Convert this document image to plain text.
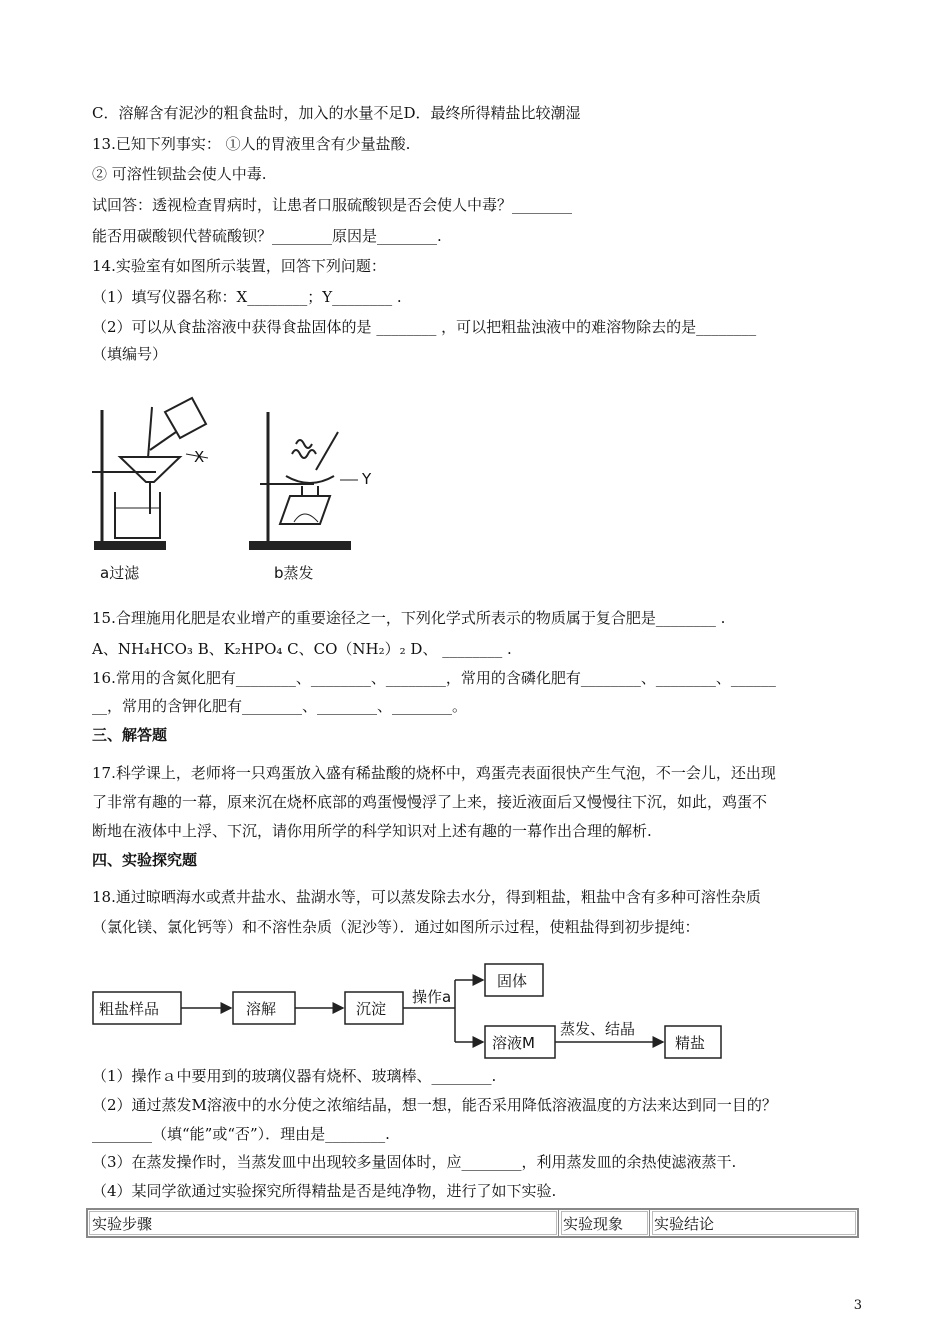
C．溶解含有泥沙的粗食盐时，加入的水量不足D．最终所得精盐比较潮湿
13.已知下列事实： ①人的胃液里含有少量盐酸.
② 可溶性钡盐会使人中毒.
试回答：透视检查胃病时，让患者口服硫酸钡是否会使人中毒？________
能否用碳酸钡代替硫酸钡？________原因是________.
14.实验室有如图所示装置，回答下列问题：
（1）填写仪器名称：X________；Y________ .
（2）可以从食盐溶液中获得食盐固体的是 ________ ，可以把粗盐浊液中的难溶物除去的是________
（填编号）
X
Y
a过滤	b蒸发
15.合理施用化肥是农业增产的重要途径之一，下列化学式所表示的物质属于复合肥是________ .
A、NH₄HCO₃ B、K₂HPO₄ C、CO（NH₂）₂ D、 ________ .
16.常用的含氮化肥有________、________、________，常用的含磷化肥有________、________、______
__，常用的含钾化肥有________、________、________。
三、解答题
17.科学课上，老师将一只鸡蛋放入盛有稀盐酸的烧杯中，鸡蛋壳表面很快产生气泡，不一会儿，还出现
了非常有趣的一幕，原来沉在烧杯底部的鸡蛋慢慢浮了上来，接近液面后又慢慢往下沉，如此，鸡蛋不
断地在液体中上浮、下沉，请你用所学的科学知识对上述有趣的一幕作出合理的解析.
四、实验探究题
18.通过晾晒海水或煮井盐水、盐湖水等，可以蒸发除去水分，得到粗盐，粗盐中含有多种可溶性杂质
（氯化镁、氯化钙等）和不溶性杂质（泥沙等）．通过如图所示过程，使粗盐得到初步提纯：
粗盐样品	溶解	沉淀
操作a
固体
溶液M
蒸发、结晶
精盐
（1）操作ａ中要用到的玻璃仪器有烧杯、玻璃棒、________.
（2）通过蒸发M溶液中的水分使之浓缩结晶，想一想，能否采用降低溶液温度的方法来达到同一目的？
________（填“能”或“否”）．理由是________.
（3）在蒸发操作时，当蒸发皿中出现较多量固体时，应________，利用蒸发皿的余热使滤液蒸干.
（4）某同学欲通过实验探究所得精盐是否是纯净物，进行了如下实验.
实验步骤	实验现象	实验结论
3
